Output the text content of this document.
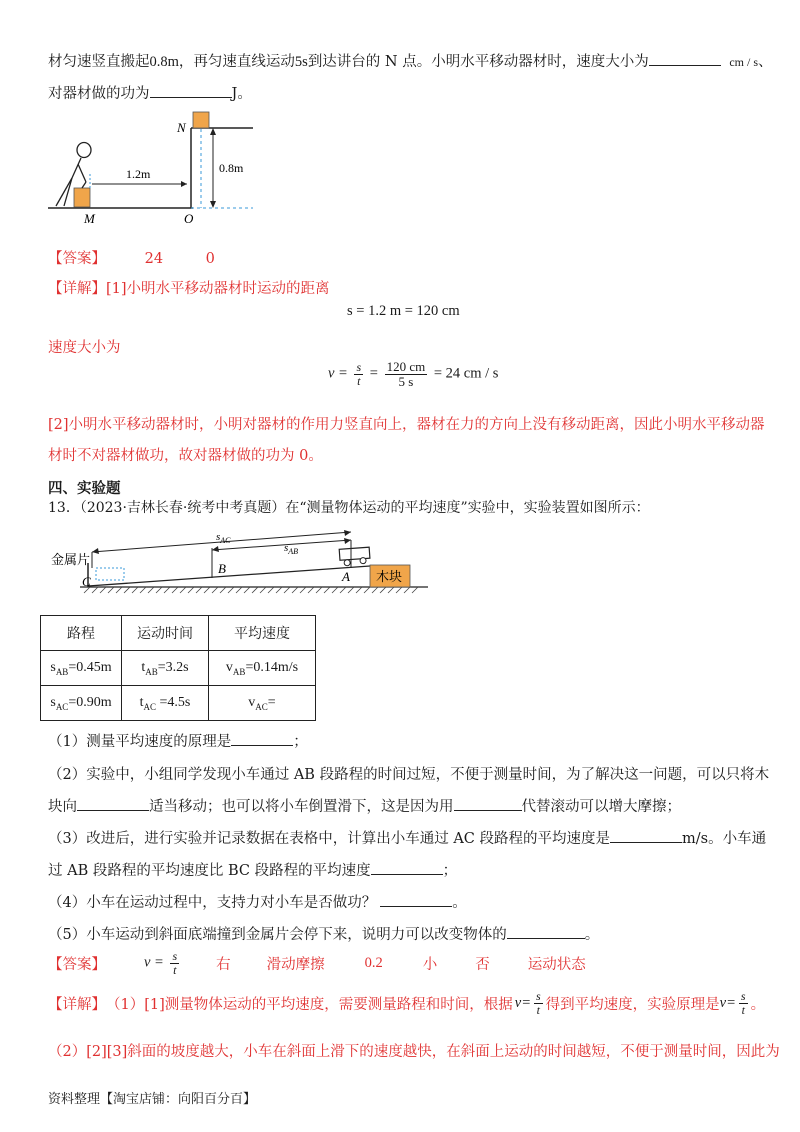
材匀速竖直搬起0.8m，再匀速直线运动5s到达讲台的 N 点。小明水平移动器材时，速度大小为	cm / s、
对器材做的功为	J。
1.2m	0.8m
N
M	O
【答案】	24	0
【详解】[1]小明水平移动器材时运动的距离
s = 1.2 m = 120 cm
速度大小为
$v = \frac{s}{t} = \frac{120 cm}{5 s} = 24$ cm / s
[2]小明水平移动器材时，小明对器材的作用力竖直向上，器材在力的方向上没有移动距离，因此小明水平移动器
材时不对器材做功，故对器材做的功为 0。
四、实验题
13．（2023·吉林长春·统考中考真题）在“测量物体运动的平均速度”实验中，实验装置如图所示：
木块
金属片
C
B
A
$s_{AC}$
$s_{AB}$
路程	运动时间	平均速度
$s_{AB}=0.45m$	$t_{AB}=3.2s$	$v_{AB}=0.14m/s$
$s_{AC}=0.90m$	$t_{AC} =4.5s$	$v_{AC}=$
（1）测量平均速度的原理是	；
（2）实验中，小组同学发现小车通过 AB 段路程的时间过短，不便于测量时间，为了解决这一问题，可以只将木
块向	适当移动；也可以将小车倒置滑下，这是因为用	代替滚动可以增大摩擦；
（3）改进后，进行实验并记录数据在表格中，计算出小车通过 AC 段路程的平均速度是	m/s。小车通
过 AB 段路程的平均速度比 BC 段路程的平均速度	；
（4）小车在运动过程中，支持力对小车是否做功？	。
（5）小车运动到斜面底端撞到金属片会停下来，说明力可以改变物体的	。
【答案】	$v = \frac{s}{t}$	右 滑动摩擦	0.2	小	否	运动状态
【详解】 （1）[1]测量物体运动的平均速度，需要测量路程和时间，根据 $v= \frac{s}{t}$ 得到平均速度，实验原理是 $v= \frac{s}{t}$ 。
（2）[2][3]斜面的坡度越大，小车在斜面上滑下的速度越快，在斜面上运动的时间越短，不便于测量时间，因此为
资料整理【淘宝店铺：向阳百分百】
